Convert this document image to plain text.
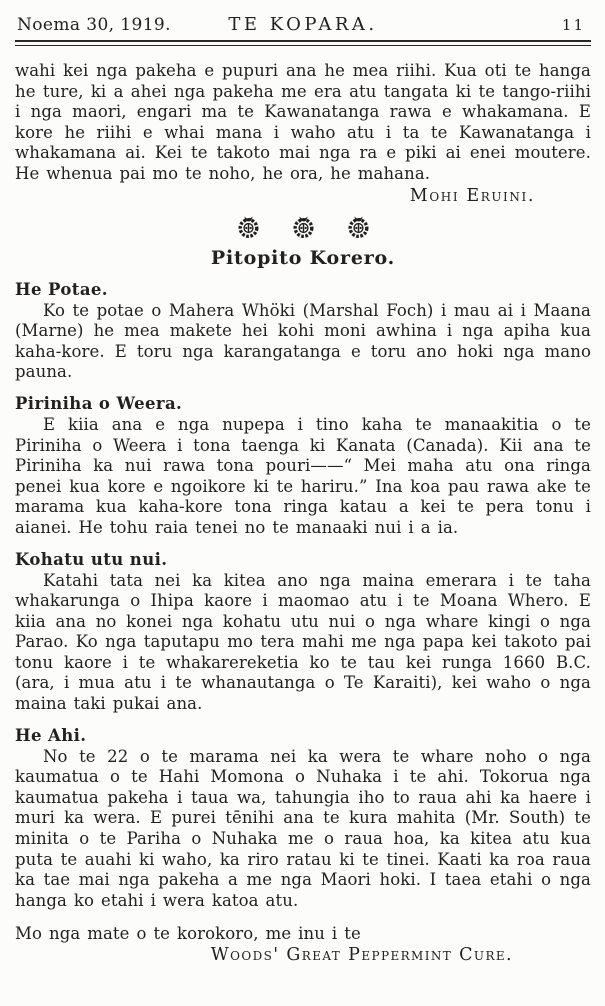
Noema 30, 1919.	TE KOPARA.	11

wahi kei nga pakeha e pupuri ana he mea riihi. Kua oti te hanga he ture, ki a ahei nga pakeha me era atu tangata ki te tango-riihi i nga maori, engari ma te Kawanatanga rawa e whakamana. E kore he riihi e whai mana i waho atu i ta te Kawanatanga i whakamana ai. Kei te takoto mai nga ra e piki ai enei moutere. He whenua pai mo te noho, he ora, he mahana.

Mohi Eruini.

Pitopito Korero.
He Potae.

Ko te potae o Mahera Whöki (Marshal Foch) i mau ai i Maana (Marne) he mea makete hei kohi moni awhina i nga apiha kua kaha-kore. E toru nga karangatanga e toru ano hoki nga mano pauna.

Piriniha o Weera.

E kiia ana e nga nupepa i tino kaha te manaakitia o te Piriniha o Weera i tona taenga ki Kanata (Canada). Kii ana te Piriniha ka nui rawa tona pouri——“ Mei maha atu ona ringa penei kua kore e ngoikore ki te hariru.” Ina koa pau rawa ake te marama kua kaha-kore tona ringa katau a kei te pera tonu i aianei. He tohu raia tenei no te manaaki nui i a ia.

Kohatu utu nui.

Katahi tata nei ka kitea ano nga maina emerara i te taha whakarunga o Ihipa kaore i maomao atu i te Moana Whero. E kiia ana no konei nga kohatu utu nui o nga whare kingi o nga Parao. Ko nga taputapu mo tera mahi me nga papa kei takoto pai tonu kaore i te whakarereketia ko te tau kei runga 1660 B.C. (ara, i mua atu i te whanautanga o Te Karaiti), kei waho o nga maina taki pukai ana.

He Ahi.

No te 22 o te marama nei ka wera te whare noho o nga kaumatua o te Hahi Momona o Nuhaka i te ahi. Tokorua nga kaumatua pakeha i taua wa, tahungia iho to raua ahi ka haere i muri ka wera. E purei tēnihi ana te kura mahita (Mr. South) te minita o te Pariha o Nuhaka me o raua hoa, ka kitea atu kua puta te auahi ki waho, ka riro ratau ki te tinei. Kaati ka roa raua ka tae mai nga pakeha a me nga Maori hoki. I taea etahi o nga hanga ko etahi i wera katoa atu.

Mo nga mate o te korokoro, me inu i te

Woods' Great Peppermint Cure.
